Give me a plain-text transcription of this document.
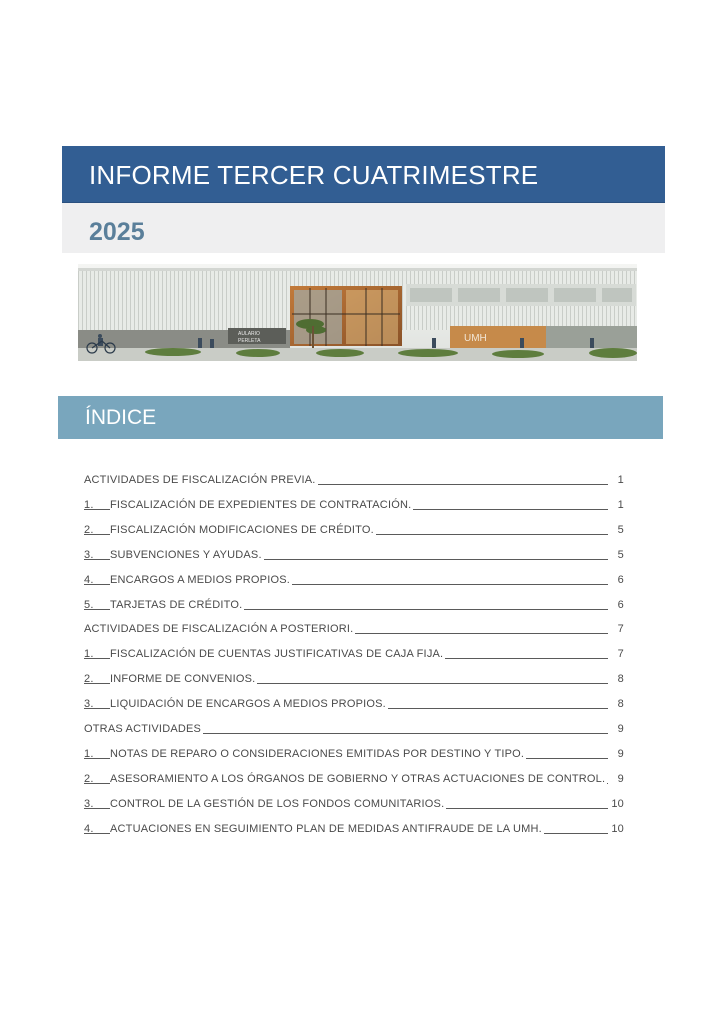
INFORME TERCER CUATRIMESTRE
2025
AULARIO
PERLETA	UMH
ÍNDICE
ACTIVIDADES DE FISCALIZACIÓN PREVIA.	1
1. FISCALIZACIÓN DE EXPEDIENTES DE CONTRATACIÓN.	1
2. FISCALIZACIÓN MODIFICACIONES DE CRÉDITO.	5
3. SUBVENCIONES Y AYUDAS.	5
4. ENCARGOS A MEDIOS PROPIOS.	6
5. TARJETAS DE CRÉDITO.	6
ACTIVIDADES DE FISCALIZACIÓN A POSTERIORI.	7
1. FISCALIZACIÓN DE CUENTAS JUSTIFICATIVAS DE CAJA FIJA.	7
2. INFORME DE CONVENIOS.	8
3. LIQUIDACIÓN DE ENCARGOS A MEDIOS PROPIOS.	8
OTRAS ACTIVIDADES	9
1. NOTAS DE REPARO O CONSIDERACIONES EMITIDAS POR DESTINO Y TIPO.	9
2. ASESORAMIENTO A LOS ÓRGANOS DE GOBIERNO Y OTRAS ACTUACIONES DE CONTROL.	9
3. CONTROL DE LA GESTIÓN DE LOS FONDOS COMUNITARIOS.	10
4. ACTUACIONES EN SEGUIMIENTO PLAN DE MEDIDAS ANTIFRAUDE DE LA UMH.	10
